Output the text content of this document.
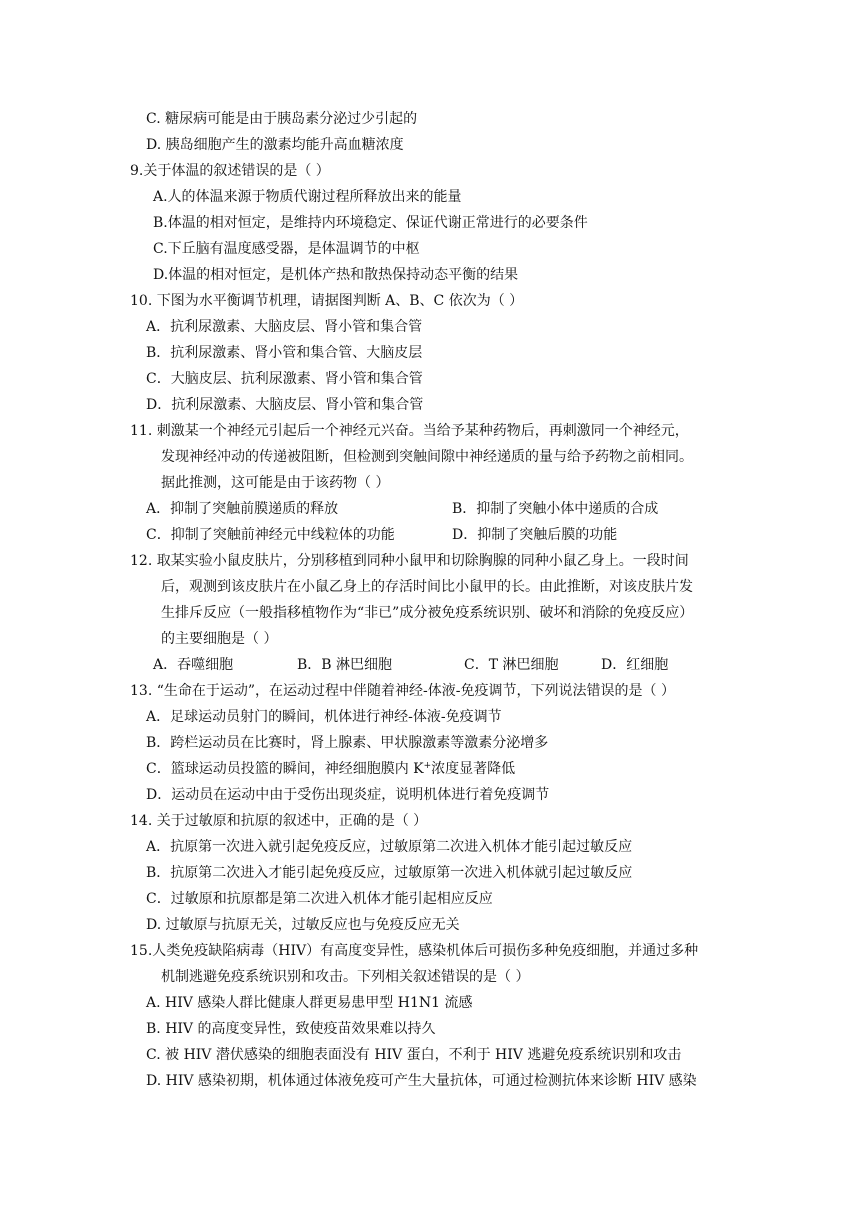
C. 糖尿病可能是由于胰岛素分泌过少引起的
D. 胰岛细胞产生的激素均能升高血糖浓度
9.关于体温的叙述错误的是（ ）
A.人的体温来源于物质代谢过程所释放出来的能量
B.体温的相对恒定，是维持内环境稳定、保证代谢正常进行的必要条件
C.下丘脑有温度感受器，是体温调节的中枢
D.体温的相对恒定，是机体产热和散热保持动态平衡的结果
10. 下图为水平衡调节机理，请据图判断 A、B、C 依次为（ ）
A．抗利尿激素、大脑皮层、肾小管和集合管
B．抗利尿激素、肾小管和集合管、大脑皮层
C．大脑皮层、抗利尿激素、肾小管和集合管
D．抗利尿激素、大脑皮层、肾小管和集合管
11. 刺激某一个神经元引起后一个神经元兴奋。当给予某种药物后，再刺激同一个神经元，
发现神经冲动的传递被阻断，但检测到突触间隙中神经递质的量与给予药物之前相同。
据此推测，这可能是由于该药物（ ）
A．抑制了突触前膜递质的释放	B．抑制了突触小体中递质的合成
C．抑制了突触前神经元中线粒体的功能	D．抑制了突触后膜的功能
12. 取某实验小鼠皮肤片，分别移植到同种小鼠甲和切除胸腺的同种小鼠乙身上。一段时间
后，观测到该皮肤片在小鼠乙身上的存活时间比小鼠甲的长。由此推断，对该皮肤片发
生排斥反应（一般指移植物作为“非已”成分被免疫系统识别、破坏和消除的免疫反应）
的主要细胞是（ ）
A．吞噬细胞	B．B 淋巴细胞	C．T 淋巴细胞	D．红细胞
13. “生命在于运动”，在运动过程中伴随着神经-体液-免疫调节，下列说法错误的是（ ）
A．足球运动员射门的瞬间，机体进行神经-体液-免疫调节
B．跨栏运动员在比赛时，肾上腺素、甲状腺激素等激素分泌增多
C．篮球运动员投篮的瞬间，神经细胞膜内 K+浓度显著降低
D．运动员在运动中由于受伤出现炎症，说明机体进行着免疫调节
14. 关于过敏原和抗原的叙述中，正确的是（ ）
A．抗原第一次进入就引起免疫反应，过敏原第二次进入机体才能引起过敏反应
B．抗原第二次进入才能引起免疫反应，过敏原第一次进入机体就引起过敏反应
C．过敏原和抗原都是第二次进入机体才能引起相应反应
D. 过敏原与抗原无关，过敏反应也与免疫反应无关
15.人类免疫缺陷病毒（HIV）有高度变异性，感染机体后可损伤多种免疫细胞，并通过多种
机制逃避免疫系统识别和攻击。下列相关叙述错误的是（ ）
A. HIV 感染人群比健康人群更易患甲型 H1N1 流感
B. HIV 的高度变异性，致使疫苗效果难以持久
C. 被 HIV 潜伏感染的细胞表面没有 HIV 蛋白，不利于 HIV 逃避免疫系统识别和攻击
D. HIV 感染初期，机体通过体液免疫可产生大量抗体，可通过检测抗体来诊断 HIV 感染
